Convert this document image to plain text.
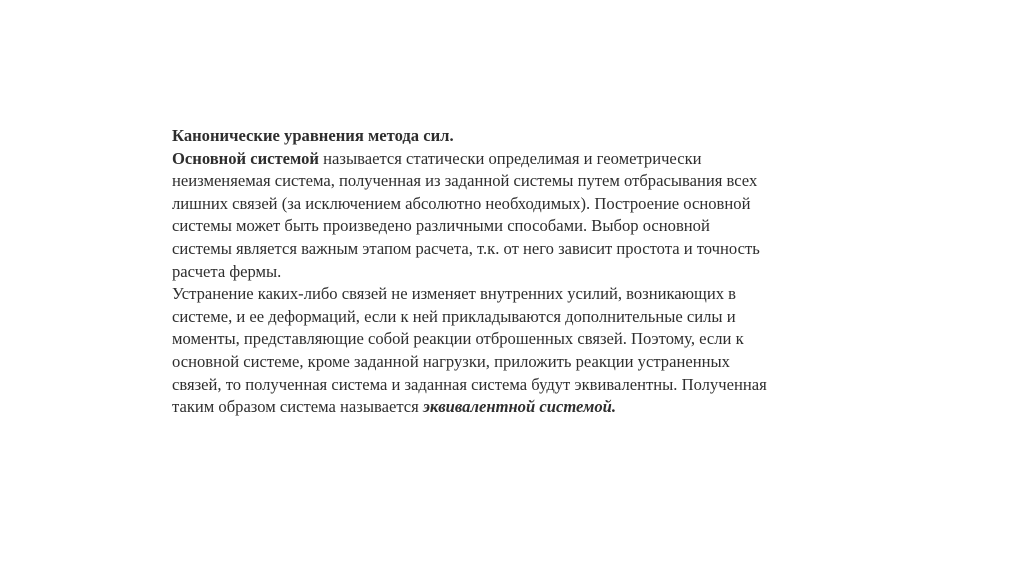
Канонические уравнения метода сил.
Основной системой называется статически определимая и геометрически
неизменяемая система, полученная из заданной системы путем отбрасывания всех
лишних связей (за исключением абсолютно необходимых). Построение основной
системы может быть произведено различными способами. Выбор основной
системы является важным этапом расчета, т.к. от него зависит простота и точность
расчета фермы.
Устранение каких-либо связей не изменяет внутренних усилий, возникающих в
системе, и ее деформаций, если к ней прикладываются дополнительные силы и
моменты, представляющие собой реакции отброшенных связей. Поэтому, если к
основной системе, кроме заданной нагрузки, приложить реакции устраненных
связей, то полученная система и заданная система будут эквивалентны. Полученная
таким образом система называется эквивалентной системой.
